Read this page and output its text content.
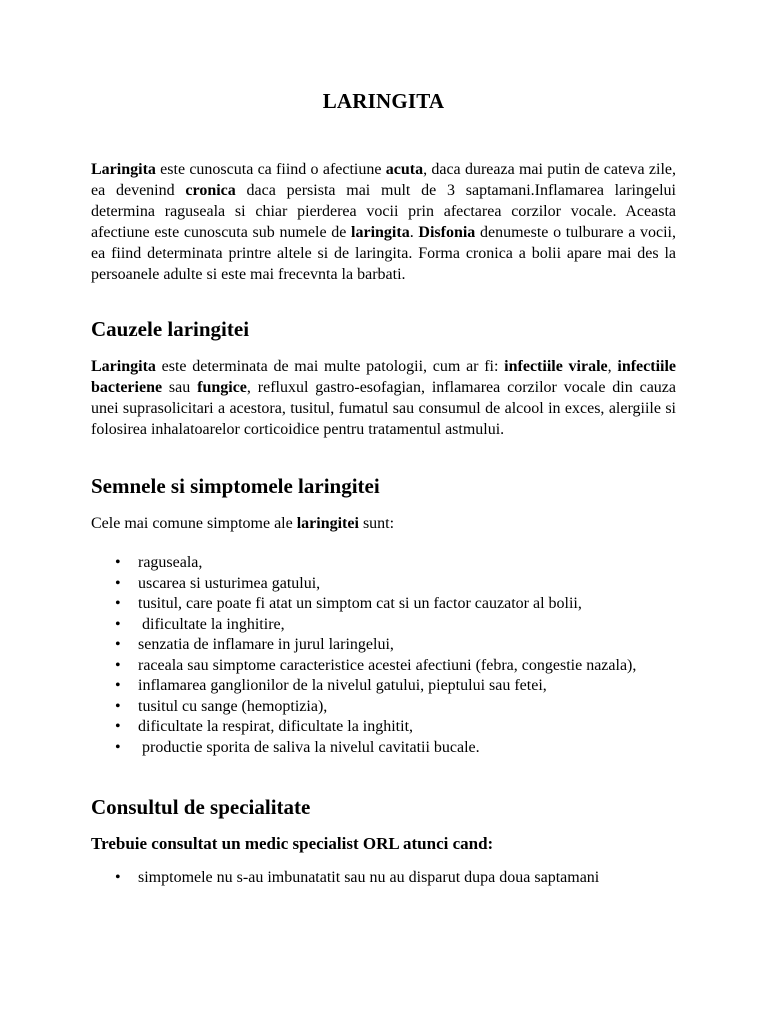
LARINGITA

Laringita este cunoscuta ca fiind o afectiune acuta, daca dureaza mai putin de cateva zile, ea devenind cronica daca persista mai mult de 3 saptamani.Inflamarea laringelui determina raguseala si chiar pierderea vocii prin afectarea corzilor vocale. Aceasta afectiune este cunoscuta sub numele de laringita. Disfonia denumeste o tulburare a vocii, ea fiind determinata printre altele si de laringita. Forma cronica a bolii apare mai des la persoanele adulte si este mai frecevnta la barbati.

Cauzele laringitei

Laringita este determinata de mai multe patologii, cum ar fi: infectiile virale, infectiile bacteriene sau fungice, refluxul gastro-esofagian, inflamarea corzilor vocale din cauza unei suprasolicitari a acestora, tusitul, fumatul sau consumul de alcool in exces, alergiile si folosirea inhalatoarelor corticoidice pentru tratamentul astmului.

Semnele si simptomele laringitei

Cele mai comune simptome ale laringitei sunt:

• raguseala,
• uscarea si usturimea gatului,
• tusitul, care poate fi atat un simptom cat si un factor cauzator al bolii,
• dificultate la inghitire,
• senzatia de inflamare in jurul laringelui,
• raceala sau simptome caracteristice acestei afectiuni (febra, congestie nazala),
• inflamarea ganglionilor de la nivelul gatului, pieptului sau fetei,
• tusitul cu sange (hemoptizia),
• dificultate la respirat, dificultate la inghitit,
• productie sporita de saliva la nivelul cavitatii bucale.
Consultul de specialitate
Trebuie consultat un medic specialist ORL atunci cand:
• simptomele nu s-au imbunatatit sau nu au disparut dupa doua saptamani
